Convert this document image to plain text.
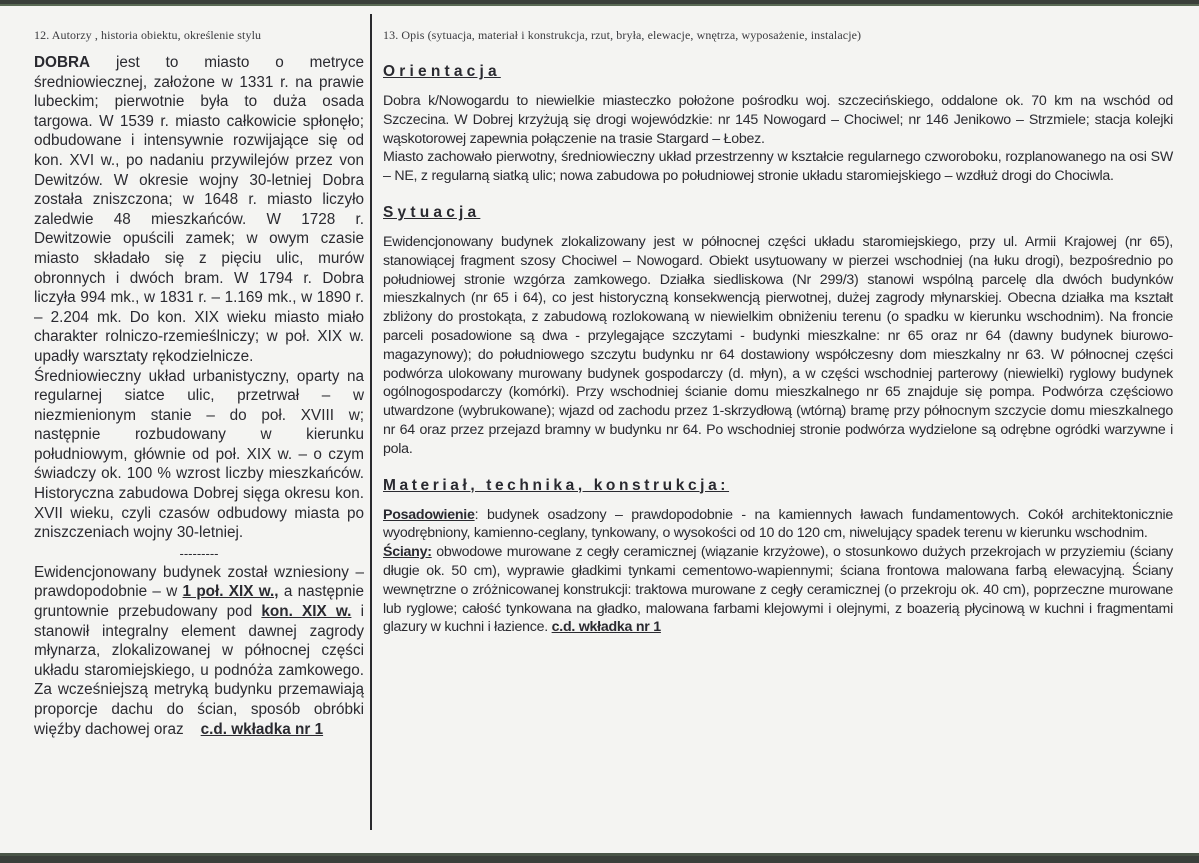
12. Autorzy , historia obiektu, określenie stylu

DOBRA jest to miasto o metryce średniowiecznej, założone w 1331 r. na prawie lubeckim; pierwotnie była to duża osada targowa. W 1539 r. miasto całkowicie spłonęło; odbudowane i intensywnie rozwijające się od kon. XVI w., po nadaniu przywilejów przez von Dewitzów. W okresie wojny 30-letniej Dobra została zniszczona; w 1648 r. miasto liczyło zaledwie 48 mieszkańców. W 1728 r. Dewitzowie opuścili zamek; w owym czasie miasto składało się z pięciu ulic, murów obronnych i dwóch bram. W 1794 r. Dobra liczyła 994 mk., w 1831 r. – 1.169 mk., w 1890 r. – 2.204 mk. Do kon. XIX wieku miasto miało charakter rolniczo-rzemieślniczy; w poł. XIX w. upadły warsztaty rękodzielnicze.

Średniowieczny układ urbanistyczny, oparty na regularnej siatce ulic, przetrwał – w niezmienionym stanie – do poł. XVIII w; następnie rozbudowany w kierunku południowym, głównie od poł. XIX w. – o czym świadczy ok. 100 % wzrost liczby mieszkańców. Historyczna zabudowa Dobrej sięga okresu kon. XVII wieku, czyli czasów odbudowy miasta po zniszczeniach wojny 30-letniej.

---------

Ewidencjonowany budynek został wzniesiony – prawdopodobnie – w 1 poł. XIX w., a następnie gruntownie przebudowany pod kon. XIX w. i stanowił integralny element dawnej zagrody młynarza, zlokalizowanej w północnej części układu staromiejskiego, u podnóża zamkowego. Za wcześniejszą metryką budynku przemawiają proporcje dachu do ścian, sposób obróbki więźby dachowej oraz    c.d. wkładka nr 1

13. Opis (sytuacja, materiał i konstrukcja, rzut, bryła, elewacje, wnętrza, wyposażenie, instalacje)
Orientacja

Dobra k/Nowogardu to niewielkie miasteczko położone pośrodku woj. szczecińskiego, oddalone ok. 70 km na wschód od Szczecina. W Dobrej krzyżują się drogi wojewódzkie: nr 145 Nowogard – Chociwel; nr 146 Jenikowo – Strzmiele; stacja kolejki wąskotorowej zapewnia połączenie na trasie Stargard – Łobez.

Miasto zachowało pierwotny, średniowieczny układ przestrzenny w kształcie regularnego czworoboku, rozplanowanego na osi SW – NE, z regularną siatką ulic; nowa zabudowa po południowej stronie układu staromiejskiego – wzdłuż drogi do Chociwla.

Sytuacja

Ewidencjonowany budynek zlokalizowany jest w północnej części układu staromiejskiego, przy ul. Armii Krajowej (nr 65), stanowiącej fragment szosy Chociwel – Nowogard. Obiekt usytuowany w pierzei wschodniej (na łuku drogi), bezpośrednio po południowej stronie wzgórza zamkowego. Działka siedliskowa (Nr 299/3) stanowi wspólną parcelę dla dwóch budynków mieszkalnych (nr 65 i 64), co jest historyczną konsekwencją pierwotnej, dużej zagrody młynarskiej. Obecna działka ma kształt zbliżony do prostokąta, z zabudową rozlokowaną w niewielkim obniżeniu terenu (o spadku w kierunku wschodnim). Na froncie parceli posadowione są dwa - przylegające szczytami - budynki mieszkalne: nr 65 oraz nr 64 (dawny budynek biurowo-magazynowy); do południowego szczytu budynku nr 64 dostawiony współczesny dom mieszkalny nr 63. W północnej części podwórza ulokowany murowany budynek gospodarczy (d. młyn), a w części wschodniej parterowy (niewielki) ryglowy budynek ogólnogospodarczy (komórki). Przy wschodniej ścianie domu mieszkalnego nr 65 znajduje się pompa. Podwórza częściowo utwardzone (wybrukowane); wjazd od zachodu przez 1-skrzydłową (wtórną) bramę przy północnym szczycie domu mieszkalnego nr 64 oraz przez przejazd bramny w budynku nr 64. Po wschodniej stronie podwórza wydzielone są odrębne ogródki warzywne i pola.

Materiał, technika, konstrukcja:

Posadowienie: budynek osadzony – prawdopodobnie - na kamiennych ławach fundamentowych. Cokół architektonicznie wyodrębniony, kamienno-ceglany, tynkowany, o wysokości od 10 do 120 cm, niwelujący spadek terenu w kierunku wschodnim.

Ściany: obwodowe murowane z cegły ceramicznej (wiązanie krzyżowe), o stosunkowo dużych przekrojach w przyziemiu (ściany długie ok. 50 cm), wyprawie gładkimi tynkami cementowo-wapiennymi; ściana frontowa malowana farbą elewacyjną. Ściany wewnętrzne o zróżnicowanej konstrukcji: traktowa murowane z cegły ceramicznej (o przekroju ok. 40 cm), poprzeczne murowane lub ryglowe; całość tynkowana na gładko, malowana farbami klejowymi i olejnymi, z boazerią płycinową w kuchni i fragmentami glazury w kuchni i łazience. c.d. wkładka nr 1
